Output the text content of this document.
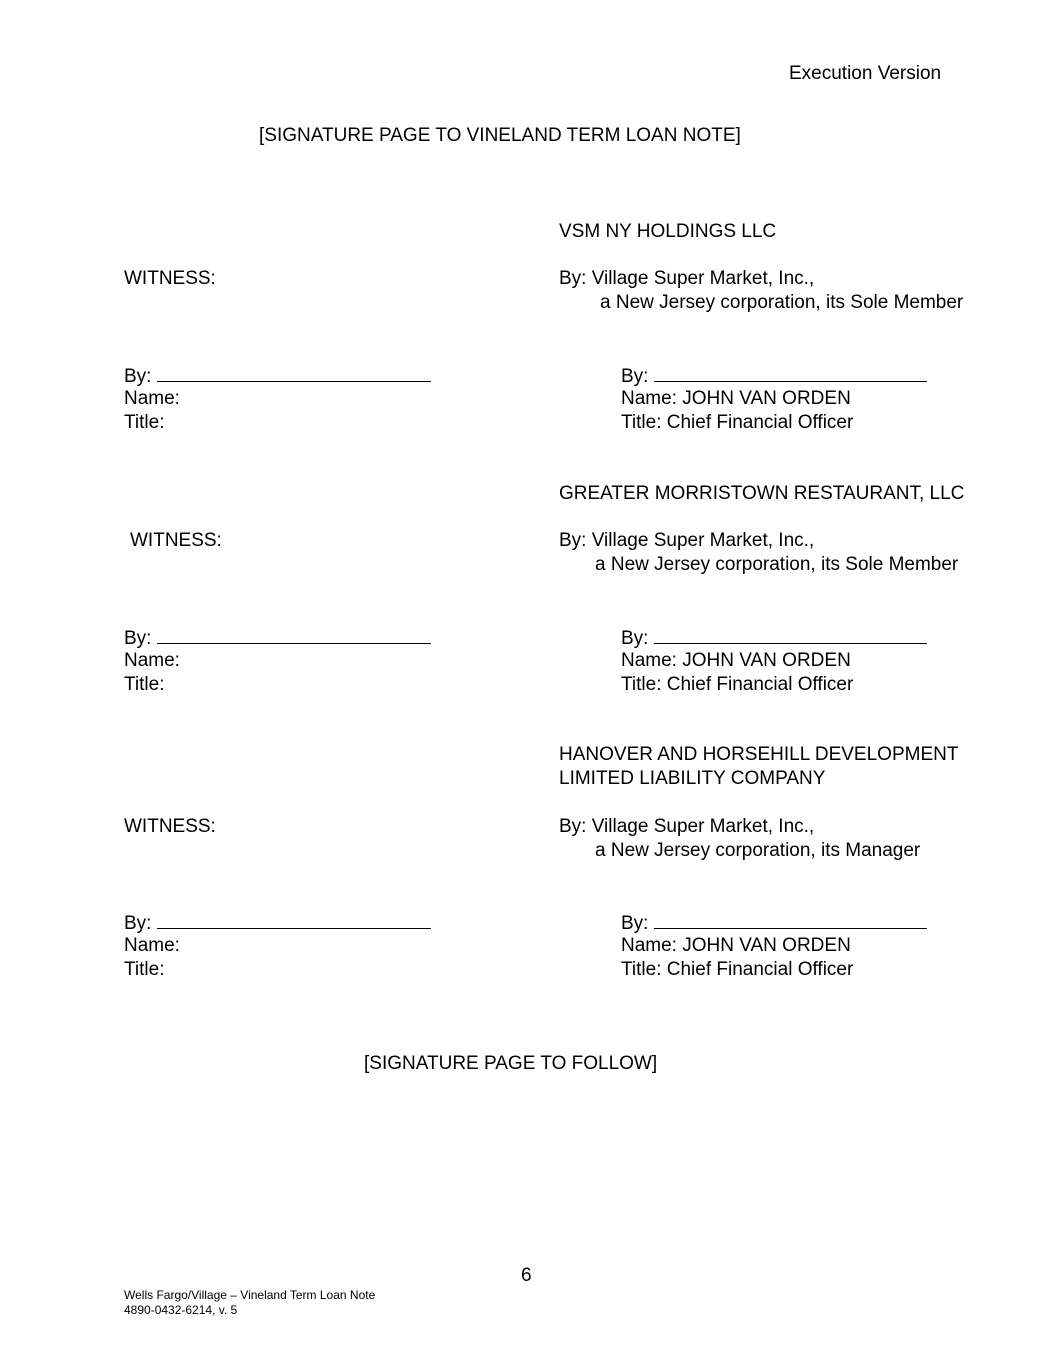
Execution Version
[SIGNATURE PAGE TO VINELAND TERM LOAN NOTE]
VSM NY HOLDINGS LLC
WITNESS:	By: Village Super Market, Inc.,
a New Jersey corporation, its Sole Member
By:
Name:
Title:
By:
Name: JOHN VAN ORDEN
Title: Chief Financial Officer
GREATER MORRISTOWN RESTAURANT, LLC
WITNESS:	By: Village Super Market, Inc.,
a New Jersey corporation, its Sole Member
By:
Name:
Title:
By:
Name: JOHN VAN ORDEN
Title: Chief Financial Officer
HANOVER AND HORSEHILL DEVELOPMENT
LIMITED LIABILITY COMPANY
WITNESS:	By: Village Super Market, Inc.,
a New Jersey corporation, its Manager
By:
Name:
Title:
By:
Name: JOHN VAN ORDEN
Title: Chief Financial Officer
[SIGNATURE PAGE TO FOLLOW]
6
Wells Fargo/Village – Vineland Term Loan Note
4890-0432-6214, v. 5
